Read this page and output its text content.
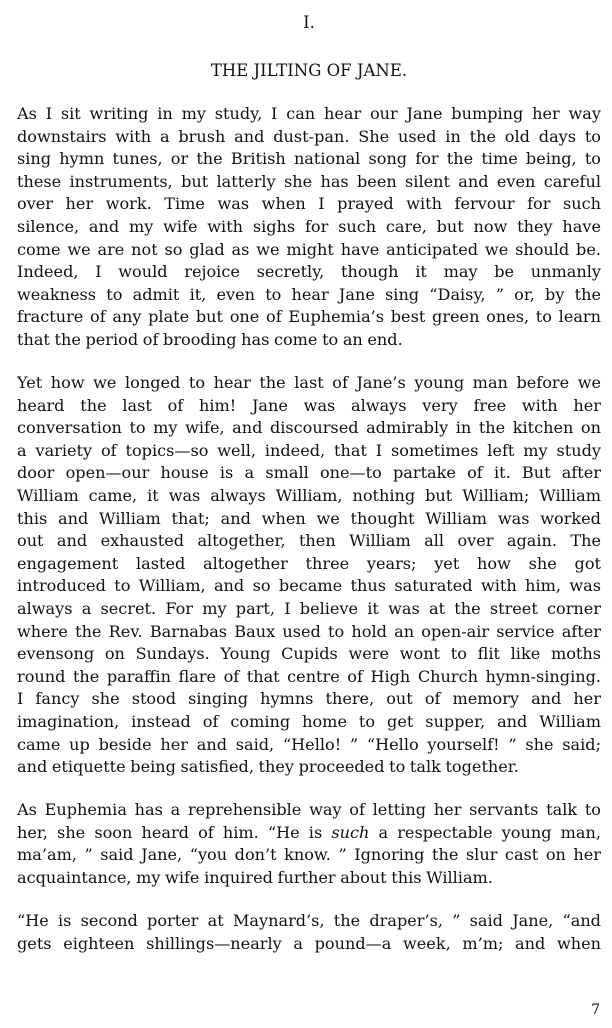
I.
THE JILTING OF JANE.

As I sit writing in my study, I can hear our Jane bumping her way
downstairs with a brush and dust-pan. She used in the old days to
sing hymn tunes, or the British national song for the time being, to
these instruments, but latterly she has been silent and even careful
over her work. Time was when I prayed with fervour for such
silence, and my wife with sighs for such care, but now they have
come we are not so glad as we might have anticipated we should be.
Indeed, I would rejoice secretly, though it may be unmanly
weakness to admit it, even to hear Jane sing “Daisy, ” or, by the
fracture of any plate but one of Euphemia’s best green ones, to learn
that the period of brooding has come to an end.

Yet how we longed to hear the last of Jane’s young man before we
heard the last of him! Jane was always very free with her
conversation to my wife, and discoursed admirably in the kitchen on
a variety of topics—so well, indeed, that I sometimes left my study
door open—our house is a small one—to partake of it. But after
William came, it was always William, nothing but William; William
this and William that; and when we thought William was worked
out and exhausted altogether, then William all over again. The
engagement lasted altogether three years; yet how she got
introduced to William, and so became thus saturated with him, was
always a secret. For my part, I believe it was at the street corner
where the Rev. Barnabas Baux used to hold an open-air service after
evensong on Sundays. Young Cupids were wont to flit like moths
round the paraffin flare of that centre of High Church hymn-singing.
I fancy she stood singing hymns there, out of memory and her
imagination, instead of coming home to get supper, and William
came up beside her and said, “Hello! ” “Hello yourself! ” she said;
and etiquette being satisfied, they proceeded to talk together.

As Euphemia has a reprehensible way of letting her servants talk to
her, she soon heard of him. “He is such a respectable young man,
ma’am, ” said Jane, “you don’t know. ” Ignoring the slur cast on her
acquaintance, my wife inquired further about this William.

“He is second porter at Maynard’s, the draper’s, ” said Jane, “and
gets eighteen shillings—nearly a pound—a week, m’m; and when

7
